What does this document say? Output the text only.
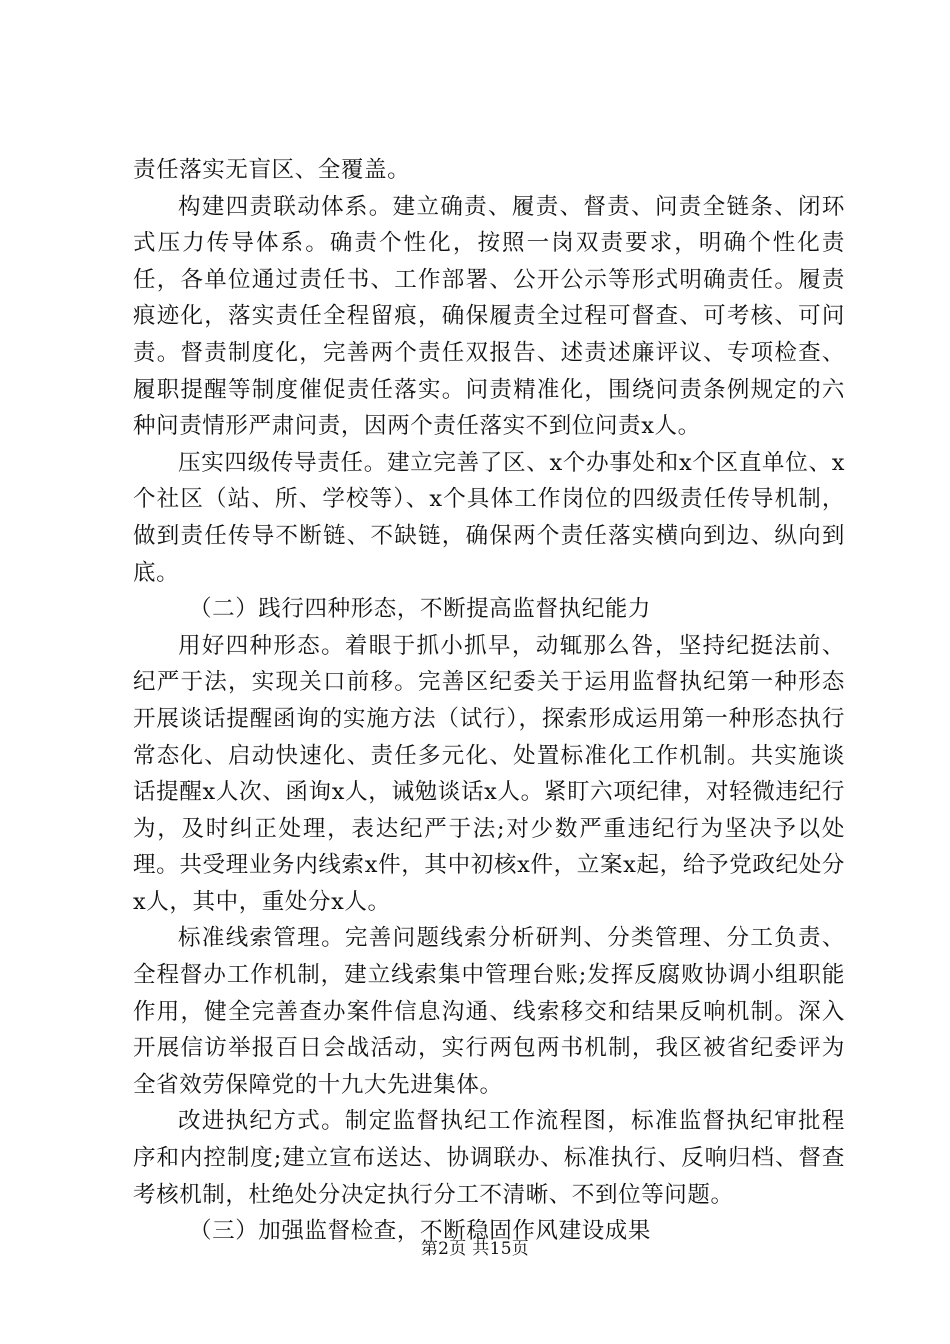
责任落实无盲区、全覆盖。

构建四责联动体系。建立确责、履责、督责、问责全链条、闭环式压力传导体系。确责个性化，按照一岗双责要求，明确个性化责任，各单位通过责任书、工作部署、公开公示等形式明确责任。履责痕迹化，落实责任全程留痕，确保履责全过程可督查、可考核、可问责。督责制度化，完善两个责任双报告、述责述廉评议、专项检查、履职提醒等制度催促责任落实。问责精准化，围绕问责条例规定的六种问责情形严肃问责，因两个责任落实不到位问责x人。

压实四级传导责任。建立完善了区、x个办事处和x个区直单位、x个社区（站、所、学校等）、x个具体工作岗位的四级责任传导机制，做到责任传导不断链、不缺链，确保两个责任落实横向到边、纵向到底。

（二）践行四种形态，不断提高监督执纪能力

用好四种形态。着眼于抓小抓早，动辄那么咎，坚持纪挺法前、纪严于法，实现关口前移。完善区纪委关于运用监督执纪第一种形态开展谈话提醒函询的实施方法（试行），探索形成运用第一种形态执行常态化、启动快速化、责任多元化、处置标准化工作机制。共实施谈话提醒x人次、函询x人，诫勉谈话x人。紧盯六项纪律，对轻微违纪行为，及时纠正处理，表达纪严于法;对少数严重违纪行为坚决予以处理。共受理业务内线索x件，其中初核x件，立案x起，给予党政纪处分x人，其中，重处分x人。

标准线索管理。完善问题线索分析研判、分类管理、分工负责、全程督办工作机制，建立线索集中管理台账;发挥反腐败协调小组职能作用，健全完善查办案件信息沟通、线索移交和结果反响机制。深入开展信访举报百日会战活动，实行两包两书机制，我区被省纪委评为全省效劳保障党的十九大先进集体。

改进执纪方式。制定监督执纪工作流程图，标准监督执纪审批程序和内控制度;建立宣布送达、协调联办、标准执行、反响归档、督查考核机制，杜绝处分决定执行分工不清晰、不到位等问题。

（三）加强监督检查，不断稳固作风建设成果

第2页 共15页
